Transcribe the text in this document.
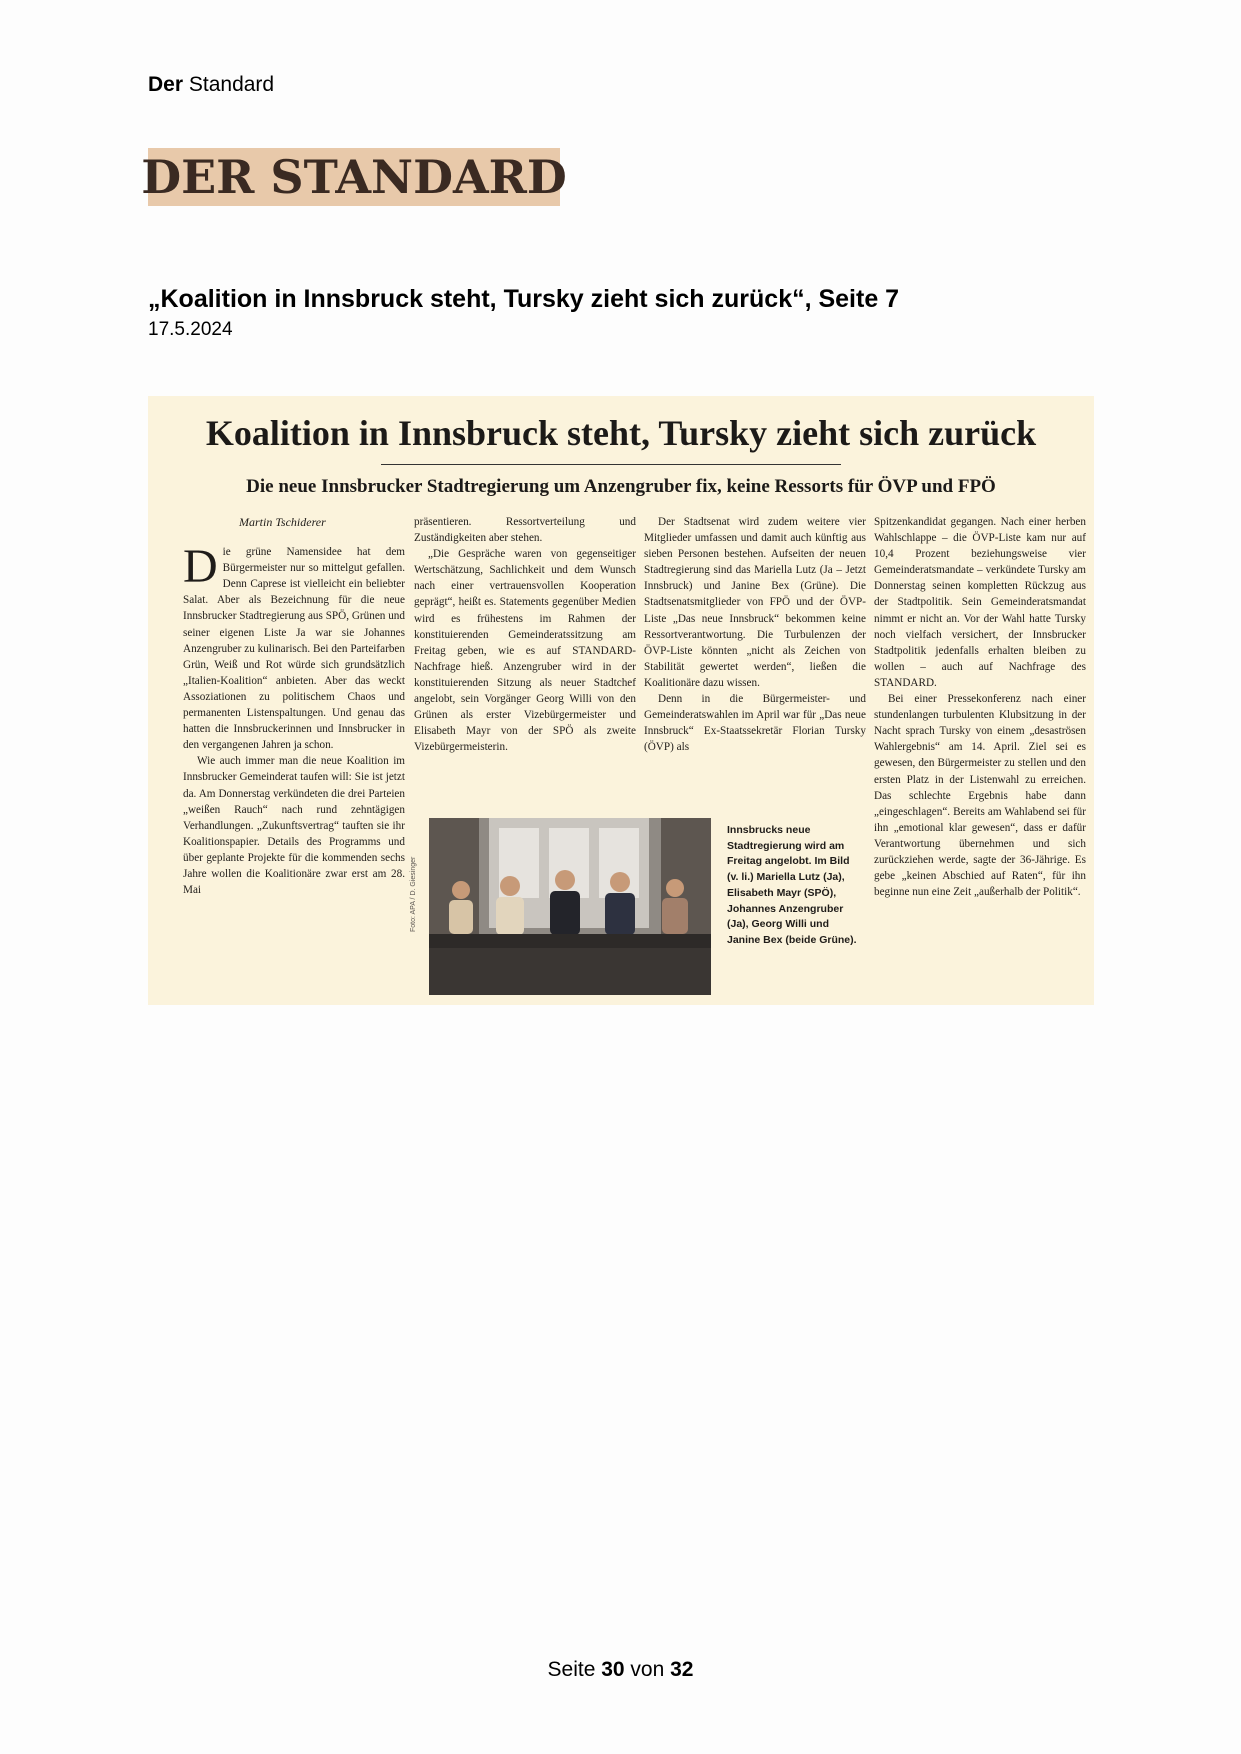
Der Standard
DER STANDARD
„Koalition in Innsbruck steht, Tursky zieht sich zurück“, Seite 7
17.5.2024
Koalition in Innsbruck steht, Tursky zieht sich zurück
Die neue Innsbrucker Stadtregierung um Anzengruber fix, keine Ressorts für ÖVP und FPÖ
Martin Tschiderer

Die grüne Namensidee hat dem Bürgermeister nur so mittelgut gefallen. Denn Caprese ist vielleicht ein beliebter Salat. Aber als Bezeichnung für die neue Innsbrucker Stadtregierung aus SPÖ, Grünen und seiner eigenen Liste Ja war sie Johannes Anzengruber zu kulinarisch. Bei den Parteifarben Grün, Weiß und Rot würde sich grundsätzlich „Italien-Koalition“ anbieten. Aber das weckt Assoziationen zu politischem Chaos und permanenten Listenspaltungen. Und genau das hatten die Innsbruckerinnen und Innsbrucker in den vergangenen Jahren ja schon.

Wie auch immer man die neue Koalition im Innsbrucker Gemeinderat taufen will: Sie ist jetzt da. Am Donnerstag verkündeten die drei Parteien „weißen Rauch“ nach rund zehntägigen Verhandlungen. „Zukunftsvertrag“ tauften sie ihr Koalitionspapier. Details des Programms und über geplante Projekte für die kommenden sechs Jahre wollen die Koalitionäre zwar erst am 28. Mai

präsentieren. Ressortverteilung und Zuständigkeiten aber stehen.

„Die Gespräche waren von gegenseitiger Wertschätzung, Sachlichkeit und dem Wunsch nach einer vertrauensvollen Kooperation geprägt“, heißt es. Statements gegenüber Medien wird es frühestens im Rahmen der konstituierenden Gemeinderatssitzung am Freitag geben, wie es auf STANDARD-Nachfrage hieß. Anzengruber wird in der konstituierenden Sitzung als neuer Stadtchef angelobt, sein Vorgänger Georg Willi von den Grünen als erster Vizebürgermeister und Elisabeth Mayr von der SPÖ als zweite Vizebürgermeisterin.

Der Stadtsenat wird zudem weitere vier Mitglieder umfassen und damit auch künftig aus sieben Personen bestehen. Aufseiten der neuen Stadtregierung sind das Mariella Lutz (Ja – Jetzt Innsbruck) und Janine Bex (Grüne). Die Stadtsenatsmitglieder von FPÖ und der ÖVP-Liste „Das neue Innsbruck“ bekommen keine Ressortverantwortung. Die Turbulenzen der ÖVP-Liste könnten „nicht als Zeichen von Stabilität gewertet werden“, ließen die Koalitionäre dazu wissen.

Denn in die Bürgermeister- und Gemeinderatswahlen im April war für „Das neue Innsbruck“ Ex-Staatssekretär Florian Tursky (ÖVP) als

Spitzenkandidat gegangen. Nach einer herben Wahlschlappe – die ÖVP-Liste kam nur auf 10,4 Prozent beziehungsweise vier Gemeinderatsmandate – verkündete Tursky am Donnerstag seinen kompletten Rückzug aus der Stadtpolitik. Sein Gemeinderatsmandat nimmt er nicht an. Vor der Wahl hatte Tursky noch vielfach versichert, der Innsbrucker Stadtpolitik jedenfalls erhalten bleiben zu wollen – auch auf Nachfrage des STANDARD.

Bei einer Pressekonferenz nach einer stundenlangen turbulenten Klubsitzung in der Nacht sprach Tursky von einem „desaströsen Wahlergebnis“ am 14. April. Ziel sei es gewesen, den Bürgermeister zu stellen und den ersten Platz in der Listenwahl zu erreichen. Das schlechte Ergebnis habe dann „eingeschlagen“. Bereits am Wahlabend sei für ihn „emotional klar gewesen“, dass er dafür Verantwortung übernehmen und sich zurückziehen werde, sagte der 36-Jährige. Es gebe „keinen Abschied auf Raten“, für ihn beginne nun eine Zeit „außerhalb der Politik“.

Foto: APA / D. Giesinger
Innsbrucks neue Stadtregierung wird am Freitag angelobt. Im Bild (v. li.) Mariella Lutz (Ja), Elisabeth Mayr (SPÖ), Johannes Anzengruber (Ja), Georg Willi und Janine Bex (beide Grüne).
Seite 30 von 32
